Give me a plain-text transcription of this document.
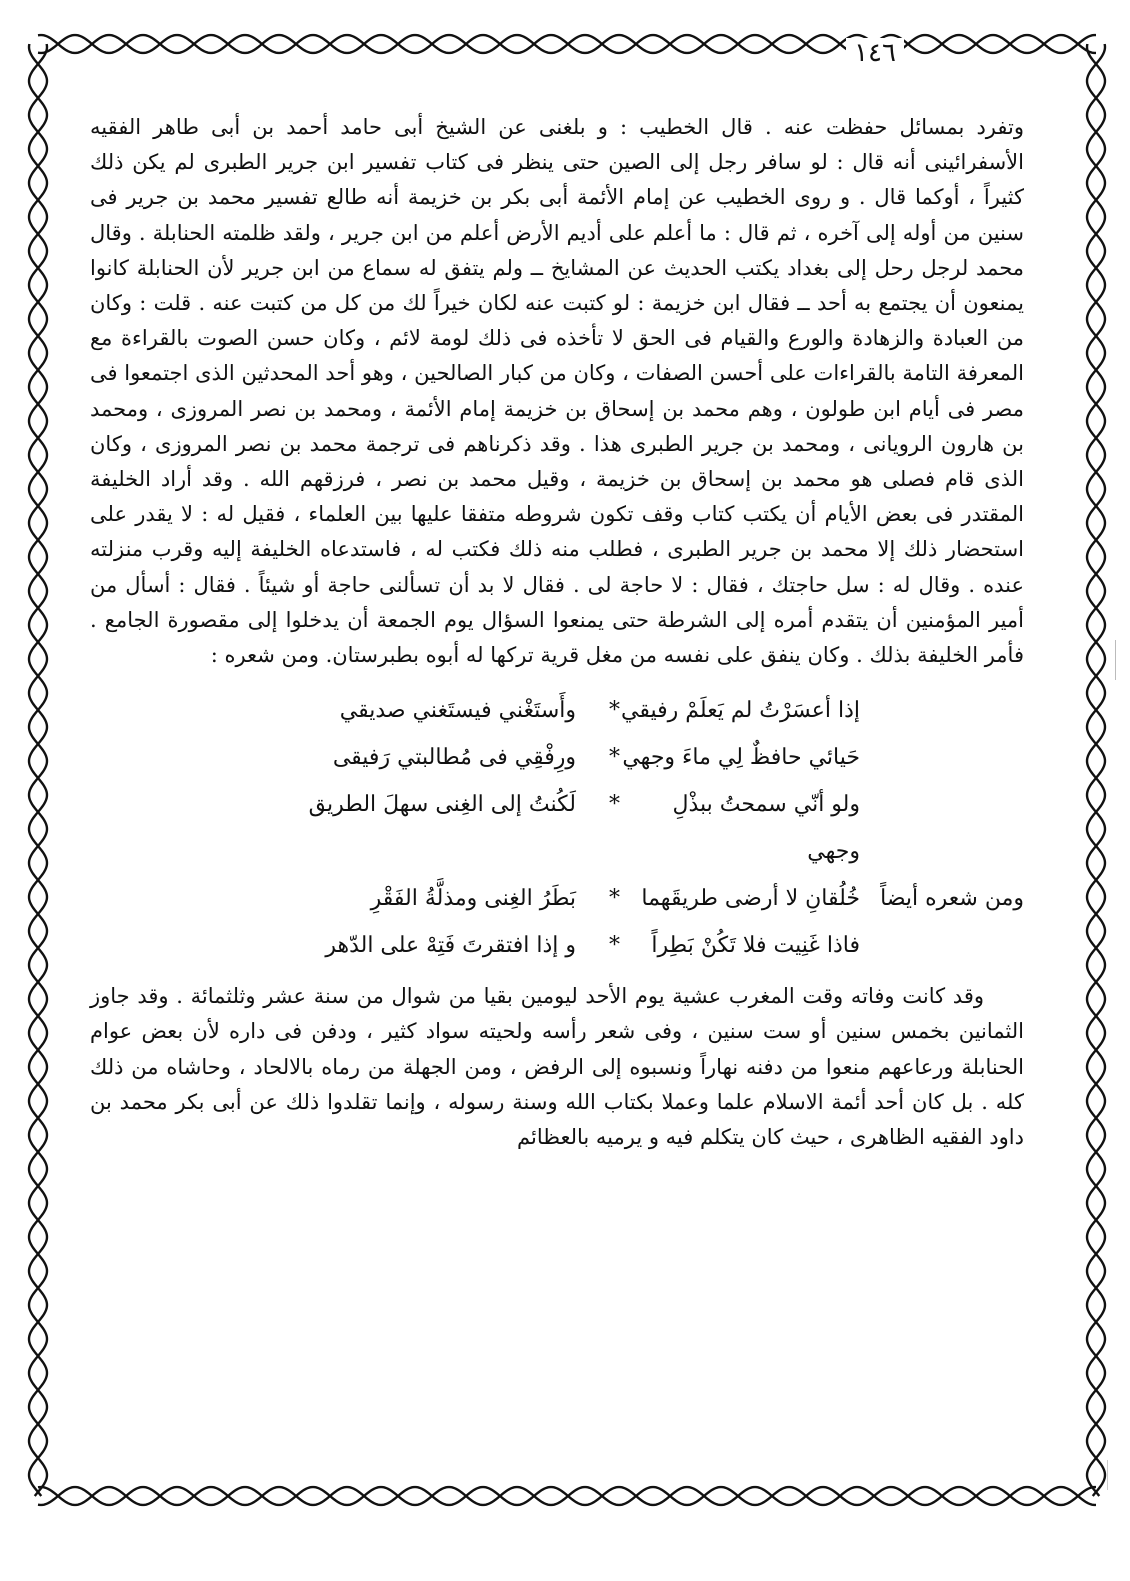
١٤٦

وتفرد بمسائل حفظت عنه . قال الخطيب : و بلغنى عن الشيخ أبى حامد أحمد بن أبى طاهر الفقيه الأسفرائينى أنه قال : لو سافر رجل إلى الصين حتى ينظر فى كتاب تفسير ابن جرير الطبرى لم يكن ذلك كثيراً ، أوكما قال . و روى الخطيب عن إمام الأئمة أبى بكر بن خزيمة أنه طالع تفسير محمد بن جرير فى سنين من أوله إلى آخره ، ثم قال : ما أعلم على أديم الأرض أعلم من ابن جرير ، ولقد ظلمته الحنابلة . وقال محمد لرجل رحل إلى بغداد يكتب الحديث عن المشايخ ــ ولم يتفق له سماع من ابن جرير لأن الحنابلة كانوا يمنعون أن يجتمع به أحد ــ فقال ابن خزيمة : لو كتبت عنه لكان خيراً لك من كل من كتبت عنه . قلت : وكان من العبادة والزهادة والورع والقيام فى الحق لا تأخذه فى ذلك لومة لائم ، وكان حسن الصوت بالقراءة مع المعرفة التامة بالقراءات على أحسن الصفات ، وكان من كبار الصالحين ، وهو أحد المحدثين الذى اجتمعوا فى مصر فى أيام ابن طولون ، وهم محمد بن إسحاق بن خزيمة إمام الأئمة ، ومحمد بن نصر المروزى ، ومحمد بن هارون الرويانى ، ومحمد بن جرير الطبرى هذا . وقد ذكرناهم فى ترجمة محمد بن نصر المروزى ، وكان الذى قام فصلى هو محمد بن إسحاق بن خزيمة ، وقيل محمد بن نصر ، فرزقهم الله . وقد أراد الخليفة المقتدر فى بعض الأيام أن يكتب كتاب وقف تكون شروطه متفقا عليها بين العلماء ، فقيل له : لا يقدر على استحضار ذلك إلا محمد بن جرير الطبرى ، فطلب منه ذلك فكتب له ، فاستدعاه الخليفة إليه وقرب منزلته عنده . وقال له : سل حاجتك ، فقال : لا حاجة لى . فقال لا بد أن تسألنى حاجة أو شيئاً . فقال : أسأل من أمير المؤمنين أن يتقدم أمره إلى الشرطة حتى يمنعوا السؤال يوم الجمعة أن يدخلوا إلى مقصورة الجامع . فأمر الخليفة بذلك . وكان ينفق على نفسه من مغل قرية تركها له أبوه بطبرستان. ومن شعره :

إذا أعسَرْتُ لم يَعلَمْ رفيقي
*
وأَستَغْني فيستَغني صديقي
حَيائي حافظٌ لِي ماءَ وجهي
*
ورِفْقِي فى مُطالبتي رَفيقى
ولو أنّي سمحتُ ببذْلِ وجهي
*
لَكُنتُ إلى الغِنى سهلَ الطريق
ومن شعره أيضاً
خُلُقانِ لا أرضى طريقَهما
*
بَطَرُ الغِنى ومذلَّةُ الفَقْرِ
فاذا غَنِيت فلا تَكُنْ بَطِراً
*
و إذا افتقرتَ فَتِهْ على الدّهر

وقد كانت وفاته وقت المغرب عشية يوم الأحد ليومين بقيا من شوال من سنة عشر وثلثمائة . وقد جاوز الثمانين بخمس سنين أو ست سنين ، وفى شعر رأسه ولحيته سواد كثير ، ودفن فى داره لأن بعض عوام الحنابلة ورعاعهم منعوا من دفنه نهاراً ونسبوه إلى الرفض ، ومن الجهلة من رماه بالالحاد ، وحاشاه من ذلك كله . بل كان أحد أئمة الاسلام علما وعملا بكتاب الله وسنة رسوله ، وإنما تقلدوا ذلك عن أبى بكر محمد بن داود الفقيه الظاهرى ، حيث كان يتكلم فيه و يرميه بالعظائم
